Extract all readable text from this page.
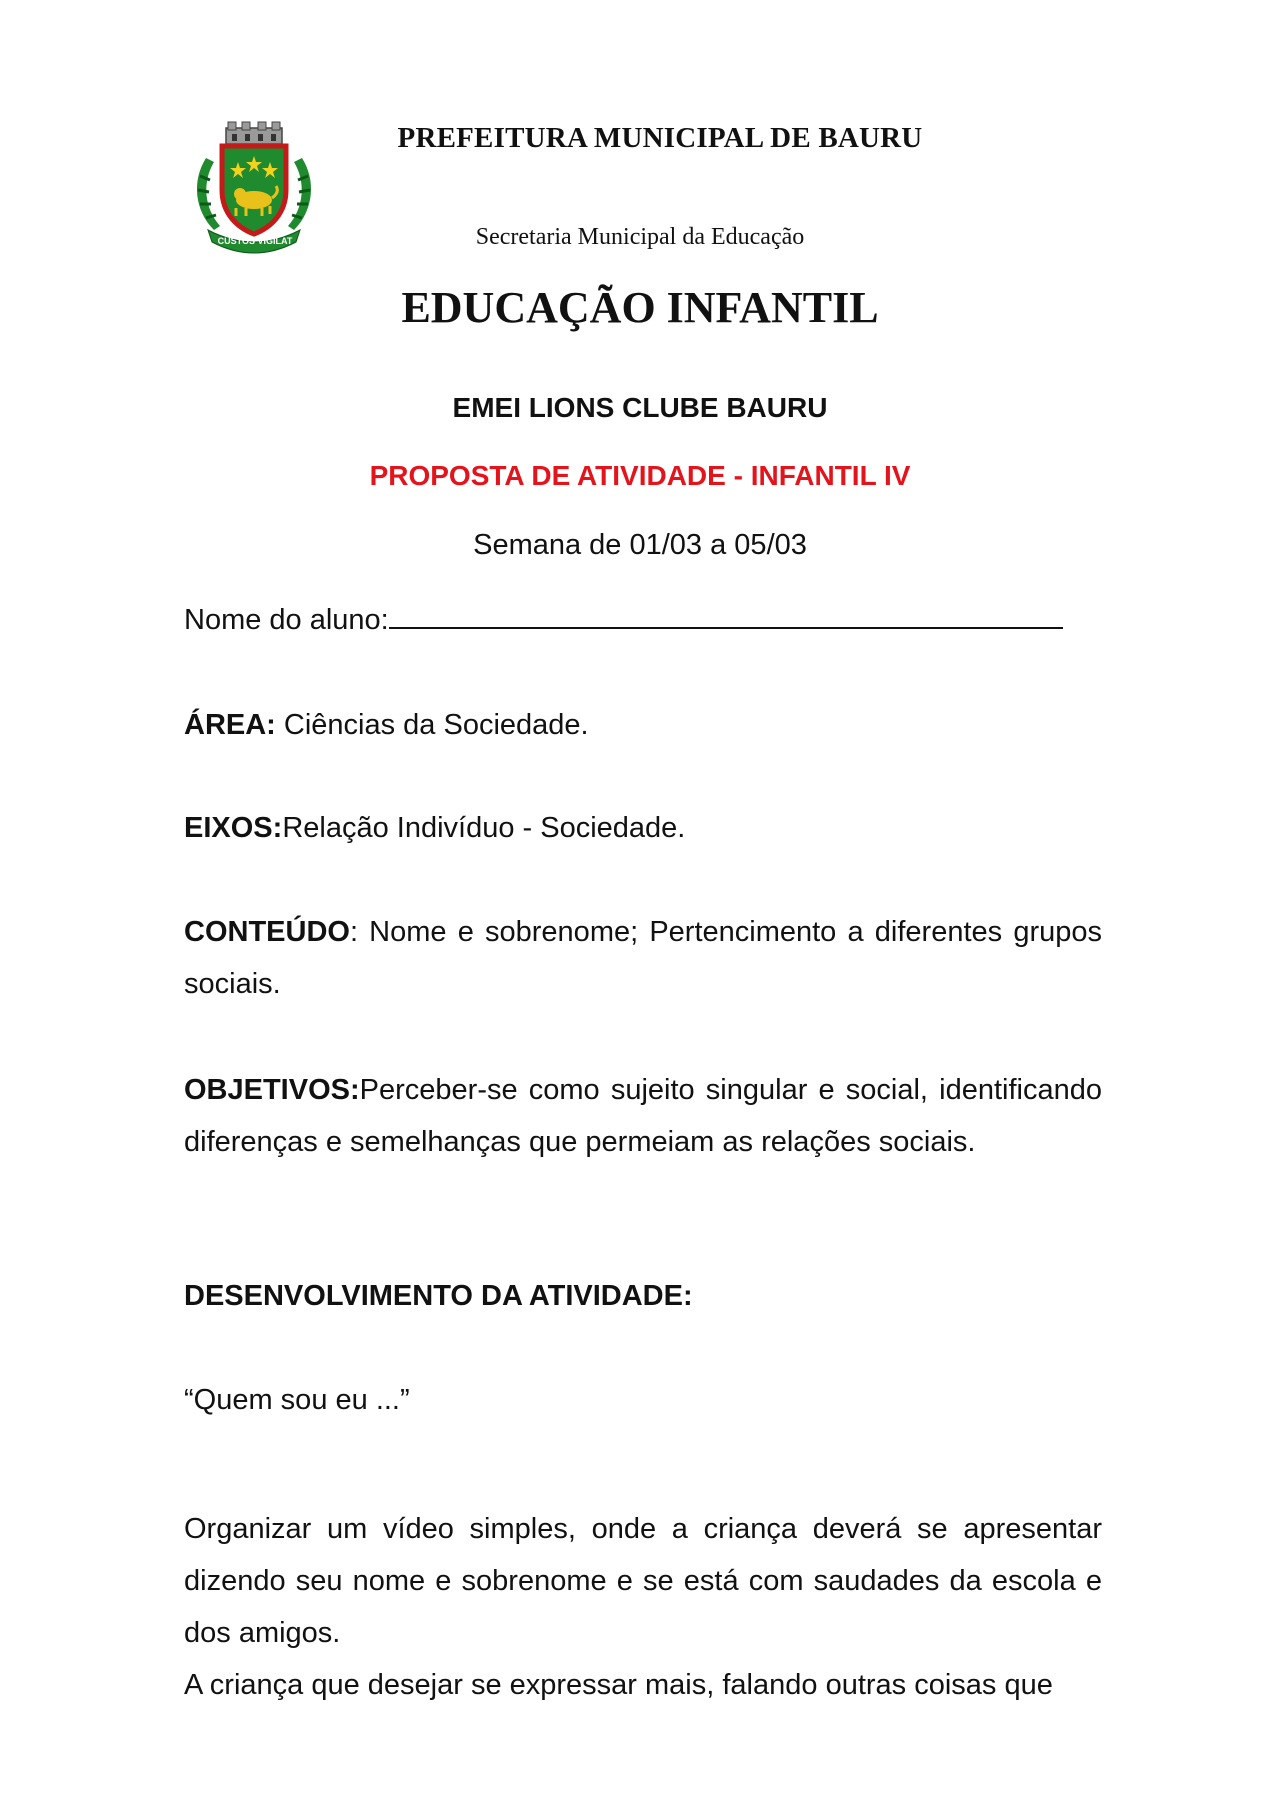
CUSTOS VIGILAT
PREFEITURA MUNICIPAL DE BAURU
Secretaria Municipal da Educação
EDUCAÇÃO INFANTIL
EMEI LIONS CLUBE BAURU
PROPOSTA DE ATIVIDADE - INFANTIL IV
Semana de 01/03 a 05/03
Nome do aluno:
ÁREA: Ciências da Sociedade.
EIXOS:Relação Indivíduo - Sociedade.
CONTEÚDO: Nome e sobrenome; Pertencimento a diferentes grupos sociais.
OBJETIVOS:Perceber-se como sujeito singular e social, identificando diferenças e semelhanças que permeiam as relações sociais.
DESENVOLVIMENTO DA ATIVIDADE:
“Quem sou eu ...”
Organizar um vídeo simples, onde a criança deverá se apresentar dizendo seu nome e sobrenome e se está com saudades da escola e dos amigos.
A criança que desejar se expressar mais, falando outras coisas que
